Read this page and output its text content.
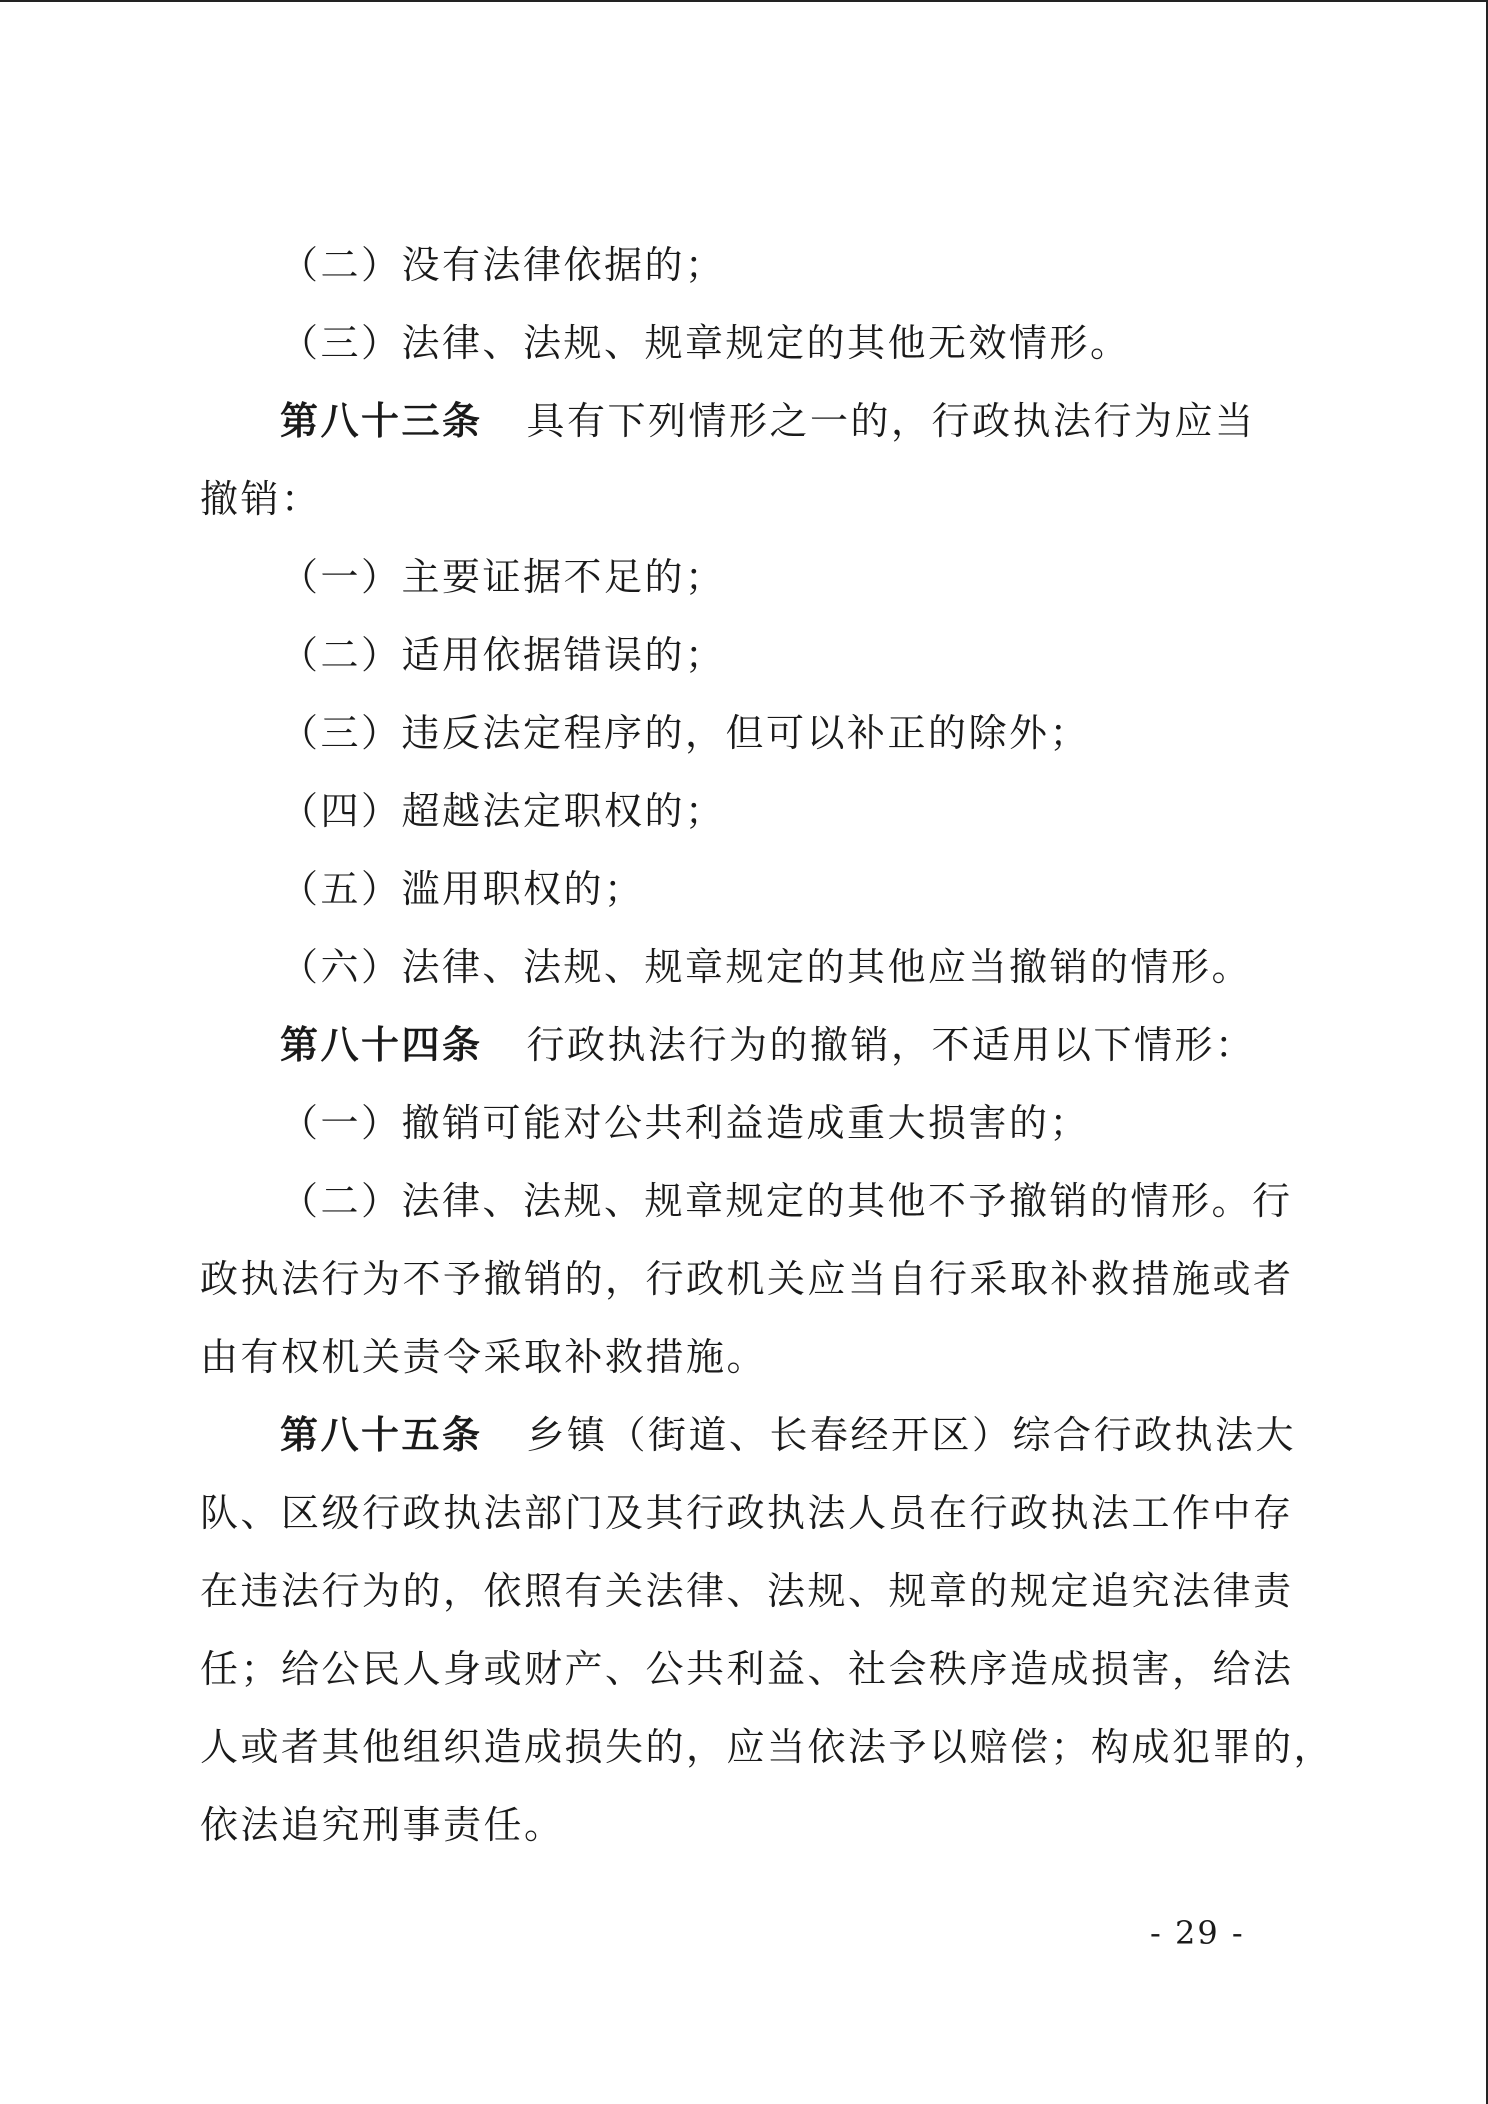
（二）没有法律依据的；
（三）法律、法规、规章规定的其他无效情形。
第八十三条 具有下列情形之一的，行政执法行为应当
撤销：
（一）主要证据不足的；
（二）适用依据错误的；
（三）违反法定程序的，但可以补正的除外；
（四）超越法定职权的；
（五）滥用职权的；
（六）法律、法规、规章规定的其他应当撤销的情形。
第八十四条 行政执法行为的撤销，不适用以下情形：
（一）撤销可能对公共利益造成重大损害的；
（二）法律、法规、规章规定的其他不予撤销的情形。行
政执法行为不予撤销的，行政机关应当自行采取补救措施或者
由有权机关责令采取补救措施。
第八十五条 乡镇（街道、长春经开区）综合行政执法大
队、区级行政执法部门及其行政执法人员在行政执法工作中存
在违法行为的，依照有关法律、法规、规章的规定追究法律责
任；给公民人身或财产、公共利益、社会秩序造成损害，给法
人或者其他组织造成损失的，应当依法予以赔偿；构成犯罪的，
依法追究刑事责任。
- 29 -
